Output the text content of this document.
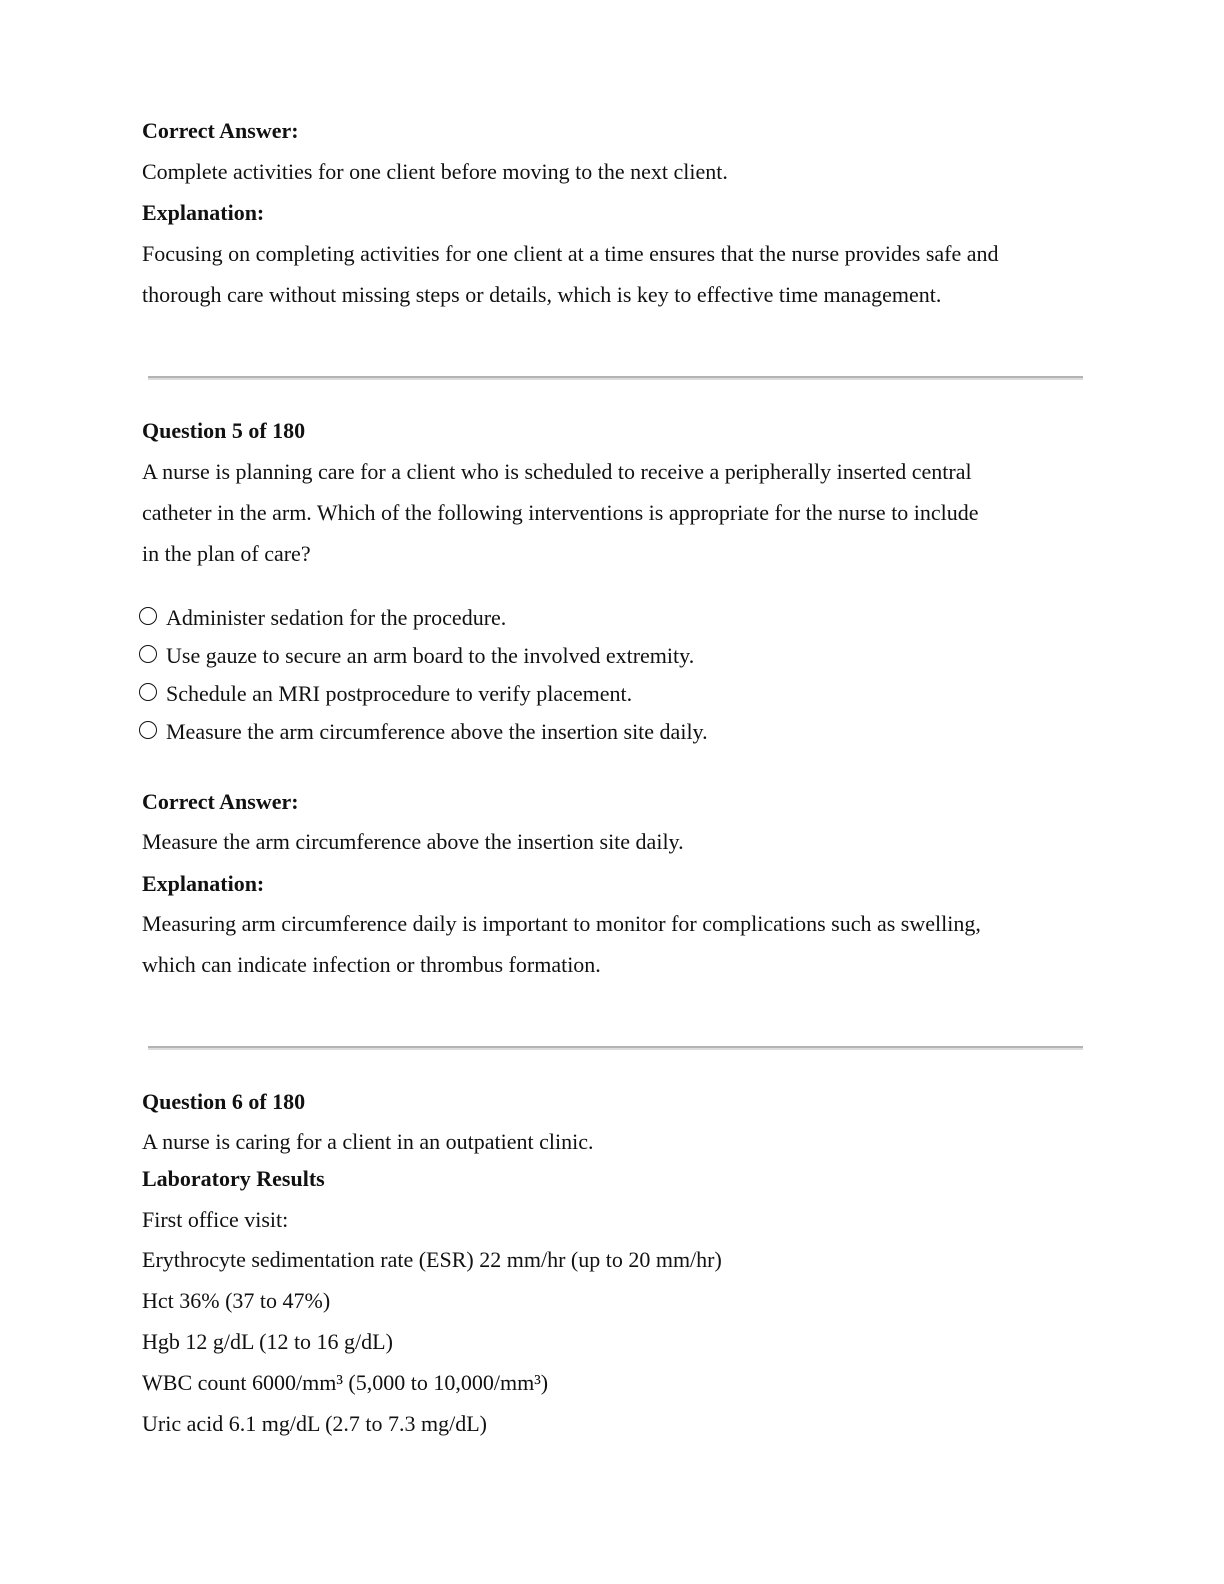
Correct Answer:

Complete activities for one client before moving to the next client.

Explanation:

Focusing on completing activities for one client at a time ensures that the nurse provides safe and
thorough care without missing steps or details, which is key to effective time management.

Question 5 of 180

A nurse is planning care for a client who is scheduled to receive a peripherally inserted central
catheter in the arm. Which of the following interventions is appropriate for the nurse to include
in the plan of care?
Administer sedation for the procedure.
Use gauze to secure an arm board to the involved extremity.
Schedule an MRI postprocedure to verify placement.
Measure the arm circumference above the insertion site daily.

Correct Answer:

Measure the arm circumference above the insertion site daily.

Explanation:

Measuring arm circumference daily is important to monitor for complications such as swelling,
which can indicate infection or thrombus formation.

Question 6 of 180

A nurse is caring for a client in an outpatient clinic.

Laboratory Results

First office visit:

Erythrocyte sedimentation rate (ESR) 22 mm/hr (up to 20 mm/hr)

Hct 36% (37 to 47%)

Hgb 12 g/dL (12 to 16 g/dL)

WBC count 6000/mm³ (5,000 to 10,000/mm³)

Uric acid 6.1 mg/dL (2.7 to 7.3 mg/dL)
